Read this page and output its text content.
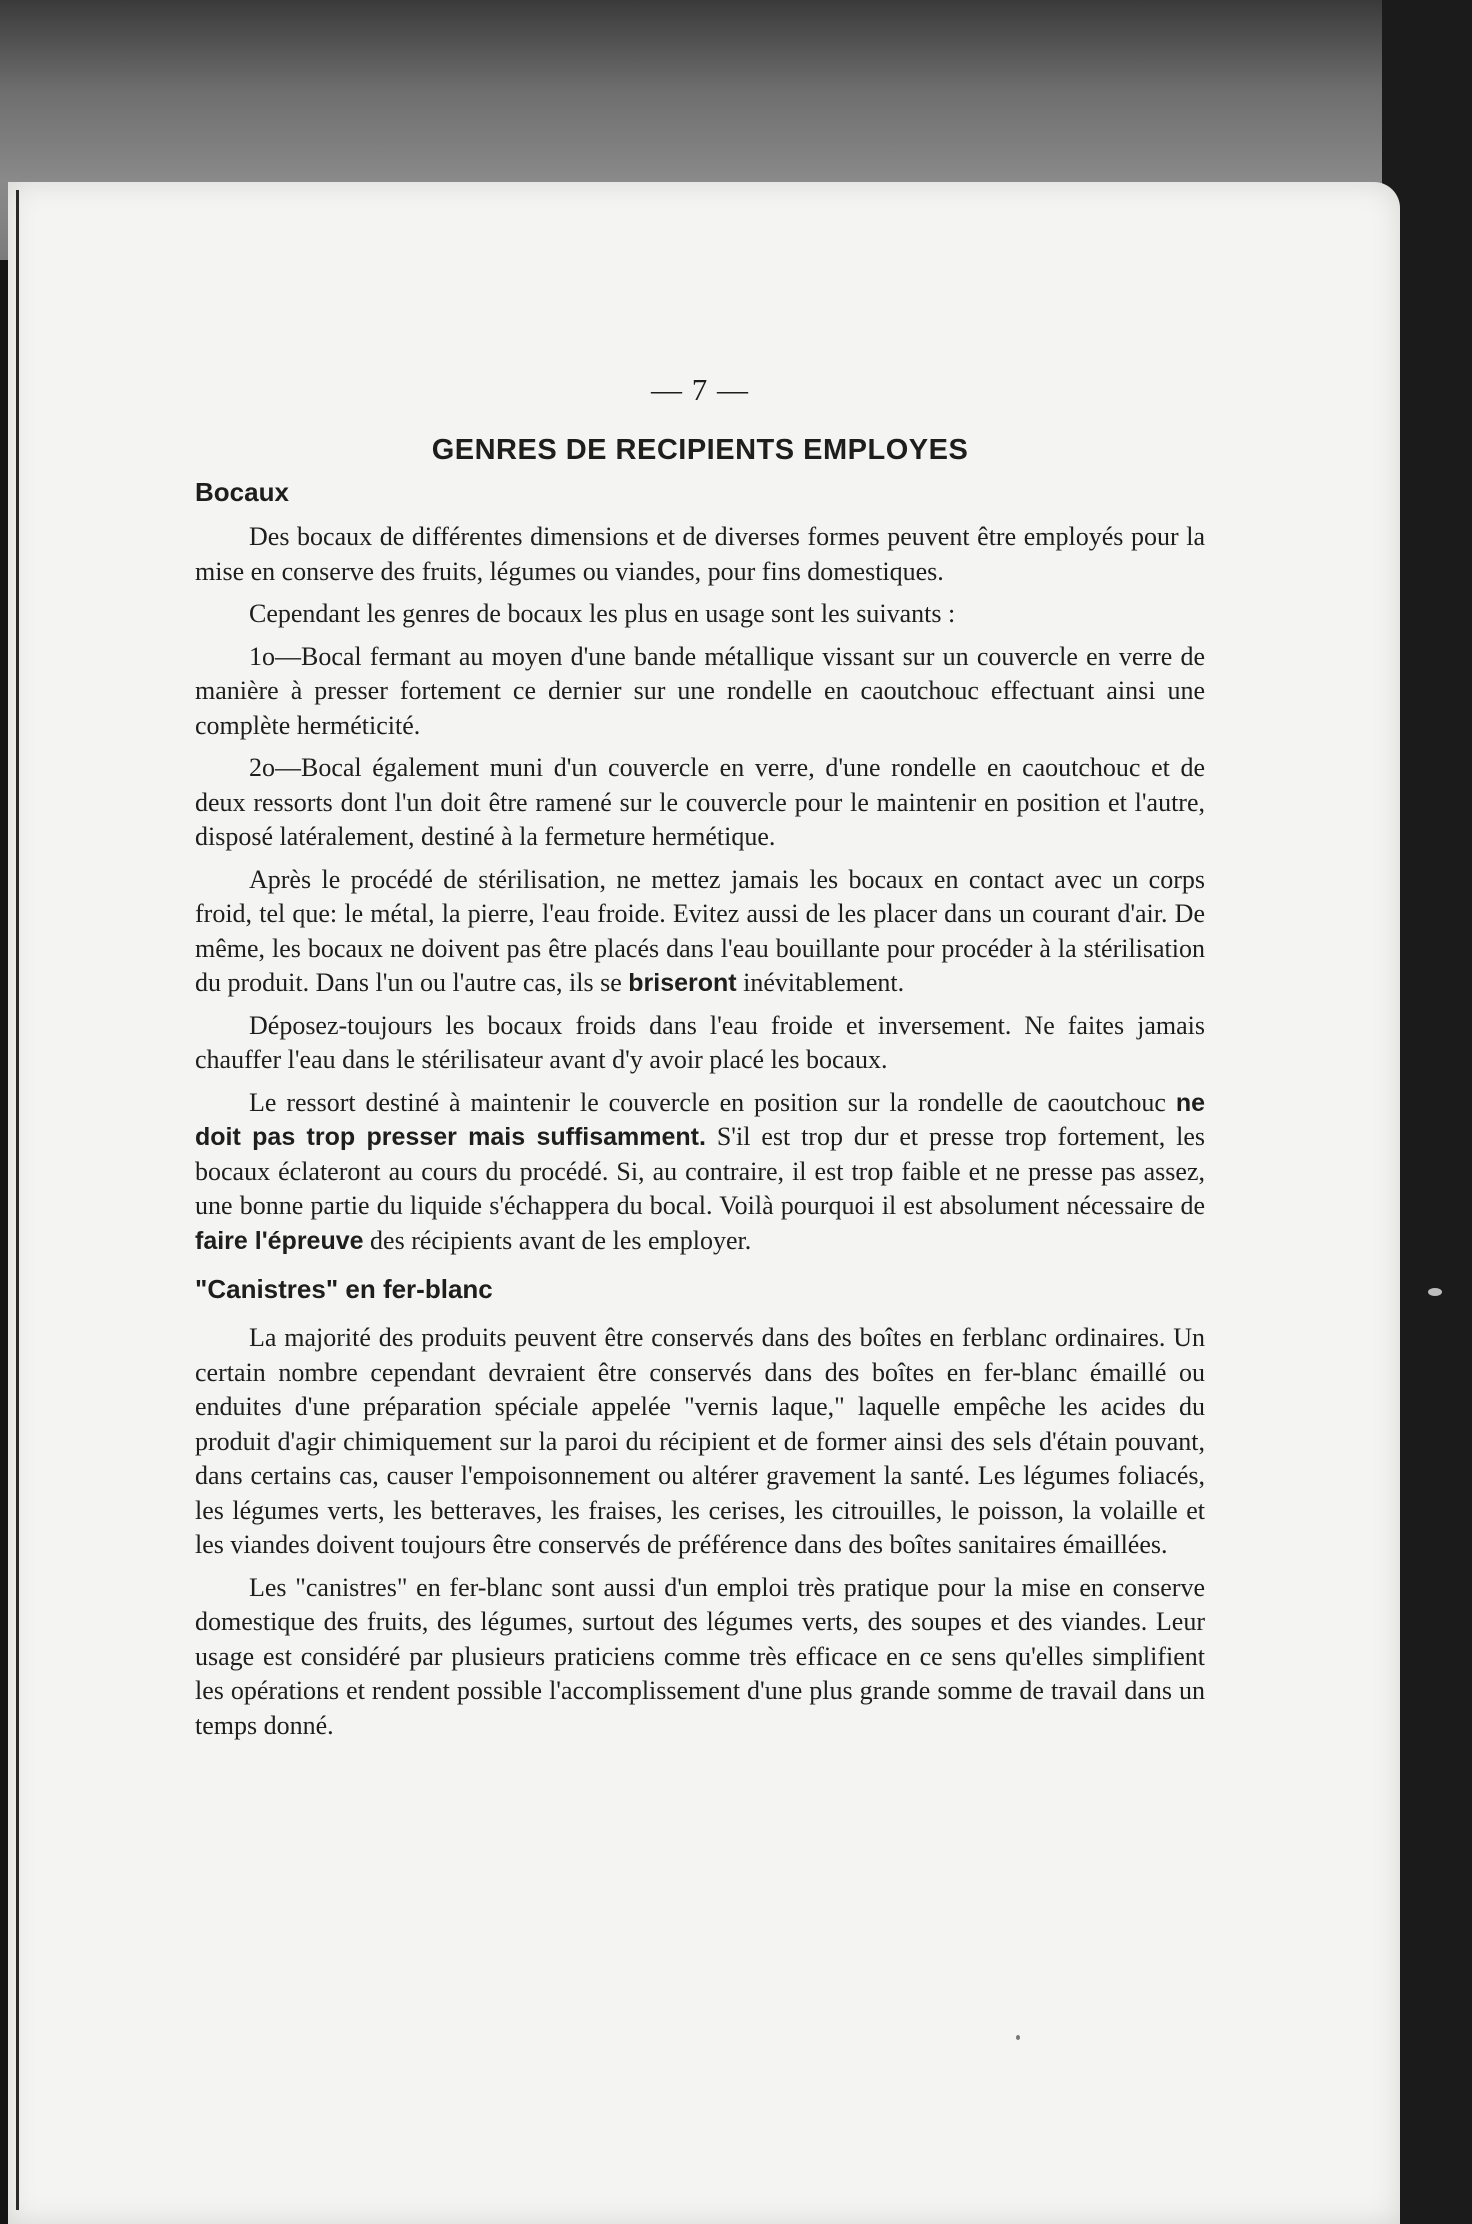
— 7 —
GENRES DE RECIPIENTS EMPLOYES
Bocaux

Des bocaux de différentes dimensions et de diverses formes peuvent être employés pour la mise en conserve des fruits, légumes ou viandes, pour fins domestiques.

Cependant les genres de bocaux les plus en usage sont les suivants :

1o—Bocal fermant au moyen d'une bande métallique vissant sur un couvercle en verre de manière à presser fortement ce dernier sur une rondelle en caoutchouc effectuant ainsi une complète herméticité.

2o—Bocal également muni d'un couvercle en verre, d'une rondelle en caoutchouc et de deux ressorts dont l'un doit être ramené sur le couvercle pour le maintenir en position et l'autre, disposé latéralement, destiné à la fermeture hermétique.

Après le procédé de stérilisation, ne mettez jamais les bocaux en contact avec un corps froid, tel que: le métal, la pierre, l'eau froide. Evitez aussi de les placer dans un courant d'air. De même, les bocaux ne doivent pas être placés dans l'eau bouillante pour procéder à la stérilisation du produit. Dans l'un ou l'autre cas, ils se briseront inévitablement.

Déposez-toujours les bocaux froids dans l'eau froide et inversement. Ne faites jamais chauffer l'eau dans le stérilisateur avant d'y avoir placé les bocaux.

Le ressort destiné à maintenir le couvercle en position sur la rondelle de caoutchouc ne doit pas trop presser mais suffisamment. S'il est trop dur et presse trop fortement, les bocaux éclateront au cours du procédé. Si, au contraire, il est trop faible et ne presse pas assez, une bonne partie du liquide s'échappera du bocal. Voilà pourquoi il est absolument nécessaire de faire l'épreuve des récipients avant de les employer.

"Canistres" en fer-blanc

La majorité des produits peuvent être conservés dans des boîtes en ferblanc ordinaires. Un certain nombre cependant devraient être conservés dans des boîtes en fer-blanc émaillé ou enduites d'une préparation spéciale appelée "vernis laque," laquelle empêche les acides du produit d'agir chimiquement sur la paroi du récipient et de former ainsi des sels d'étain pouvant, dans certains cas, causer l'empoisonnement ou altérer gravement la santé. Les légumes foliacés, les légumes verts, les betteraves, les fraises, les cerises, les citrouilles, le poisson, la volaille et les viandes doivent toujours être conservés de préférence dans des boîtes sanitaires émaillées.

Les "canistres" en fer-blanc sont aussi d'un emploi très pratique pour la mise en conserve domestique des fruits, des légumes, surtout des légumes verts, des soupes et des viandes. Leur usage est considéré par plusieurs praticiens comme très efficace en ce sens qu'elles simplifient les opérations et rendent possible l'accomplissement d'une plus grande somme de travail dans un temps donné.
